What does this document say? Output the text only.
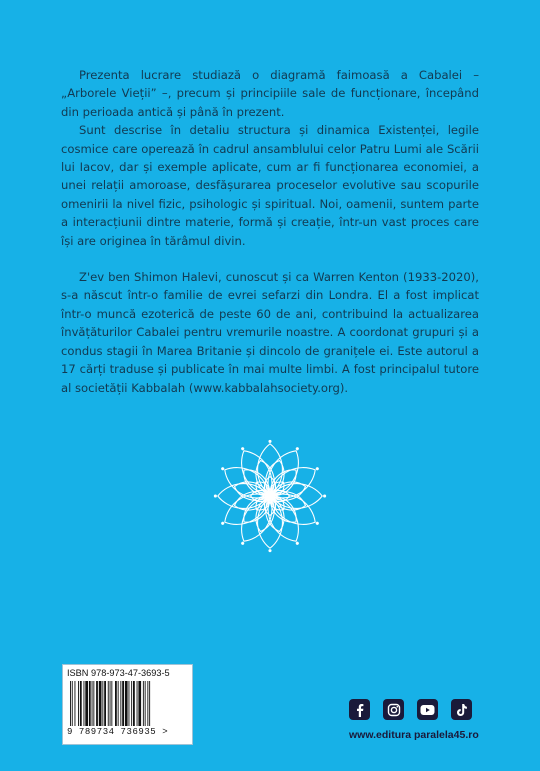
Prezenta lucrare studiază o diagramă faimoasă a Cabalei – „Arborele Vieții” –, precum și principiile sale de funcționare, începând din perioada antică și până în prezent.

Sunt descrise în detaliu structura și dinamica Existenței, legile cosmice care operează în cadrul ansamblului celor Patru Lumi ale Scării lui Iacov, dar și exemple aplicate, cum ar fi funcționarea economiei, a unei relații amoroase, desfășurarea proceselor evolutive sau scopurile omenirii la nivel fizic, psihologic și spiritual. Noi, oamenii, suntem parte a interacțiunii dintre materie, formă și creație, într-un vast proces care își are originea în tărâmul divin.

Z'ev ben Shimon Halevi, cunoscut și ca Warren Kenton (1933-2020), s-a născut într-o familie de evrei sefarzi din Londra. El a fost implicat într-o muncă ezoterică de peste 60 de ani, contribuind la actualizarea învățăturilor Cabalei pentru vremurile noastre. A coordonat grupuri și a condus stagii în Marea Britanie și dincolo de granițele ei. Este autorul a 17 cărți traduse și publicate în mai multe limbi. A fost principalul tutore al societății Kabbalah (www.kabbalahsociety.org).

ISBN 978-973-47-3693-5
9 789734 736935 >	www.editura paralela45.ro
